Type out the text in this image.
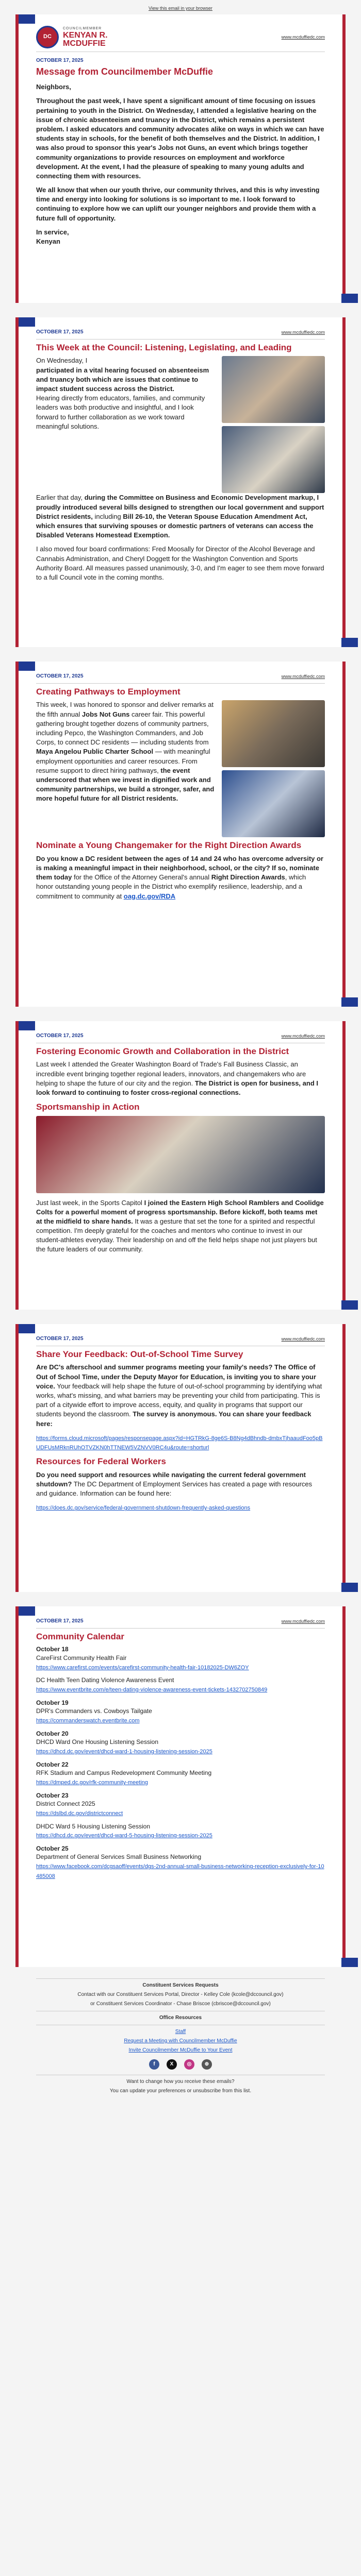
View this email in your browser
DC
COUNCILMEMBER
KENYAN R.
MCDUFFIE
www.mcduffiedc.com
OCTOBER 17, 2025
Message from Councilmember McDuffie

Neighbors,

Throughout the past week, I have spent a significant amount of time focusing on issues pertaining to youth in the District. On Wednesday, I attended a legislative hearing on the issue of chronic absenteeism and truancy in the District, which remains a persistent problem. I asked educators and community advocates alike on ways in which we can have students stay in schools, for the benefit of both themselves and the District. In addition, I was also proud to sponsor this year's Jobs not Guns, an event which brings together community organizations to provide resources on employment and workforce development. At the event, I had the pleasure of speaking to many young adults and connecting them with resources.

We all know that when our youth thrive, our community thrives, and this is why investing time and energy into looking for solutions is so important to me. I look forward to continuing to explore how we can uplift our younger neighbors and provide them with a future full of opportunity.

In service,

Kenyan

OCTOBER 17, 2025	www.mcduffiedc.com
This Week at the Council: Listening, Legislating, and Leading

On Wednesday, I

participated in a vital hearing focused on absenteeism and truancy both which are issues that continue to impact student success across the District.

Hearing directly from educators, families, and community leaders was both productive and insightful, and I look forward to further collaboration as we work toward meaningful solutions.

Earlier that day, during the Committee on Business and Economic Development markup, I proudly introduced several bills designed to strengthen our local government and support District residents, including Bill 26-10, the Veteran Spouse Education Amendment Act, which ensures that surviving spouses or domestic partners of veterans can access the Disabled Veterans Homestead Exemption.

I also moved four board confirmations: Fred Moosally for Director of the Alcohol Beverage and Cannabis Administration, and Cheryl Doggett for the Washington Convention and Sports Authority Board. All measures passed unanimously, 3-0, and I'm eager to see them move forward to a full Council vote in the coming months.

OCTOBER 17, 2025	www.mcduffiedc.com
Creating Pathways to Employment

This week, I was honored to sponsor and deliver remarks at the fifth annual Jobs Not Guns career fair. This powerful gathering brought together dozens of community partners, including Pepco, the Washington Commanders, and Job Corps, to connect DC residents — including students from Maya Angelou Public Charter School — with meaningful employment opportunities and career resources. From resume support to direct hiring pathways, the event underscored that when we invest in dignified work and community partnerships, we build a stronger, safer, and more hopeful future for all District residents.

Nominate a Young Changemaker for the Right Direction Awards

Do you know a DC resident between the ages of 14 and 24 who has overcome adversity or is making a meaningful impact in their neighborhood, school, or the city? If so, nominate them today for the Office of the Attorney General's annual Right Direction Awards, which honor outstanding young people in the District who exemplify resilience, leadership, and a commitment to community at oag.dc.gov/RDA

OCTOBER 17, 2025	www.mcduffiedc.com
Fostering Economic Growth and Collaboration in the District

Last week I attended the Greater Washington Board of Trade's Fall Business Classic, an incredible event bringing together regional leaders, innovators, and changemakers who are helping to shape the future of our city and the region. The District is open for business, and I look forward to continuing to foster cross-regional connections.

Sportsmanship in Action

Just last week, in the Sports Capitol I joined the Eastern High School Ramblers and Coolidge Colts for a powerful moment of progress sportsmanship. Before kickoff, both teams met at the midfield to share hands. It was a gesture that set the tone for a spirited and respectful competition. I'm deeply grateful for the coaches and mentors who continue to invest in our student-athletes everyday. Their leadership on and off the field helps shape not just players but the future leaders of our community.

OCTOBER 17, 2025	www.mcduffiedc.com
Share Your Feedback: Out-of-School Time Survey

Are DC's afterschool and summer programs meeting your family's needs? The Office of Out of School Time, under the Deputy Mayor for Education, is inviting you to share your voice. Your feedback will help shape the future of out-of-school programming by identifying what works, what's missing, and what barriers may be preventing your child from participating. This is part of a citywide effort to improve access, equity, and quality in programs that support our students beyond the classroom. The survey is anonymous. You can share your feedback here:

https://forms.cloud.microsoft/pages/responsepage.aspx?id=HGTRkG-8ge6S-B8Ng4dBhndb-dmbxTjhaaudFoo5pBUDFUsMRknRUhOTVZKN0hTTNEW5VZNVV0RC4u&route=shorturl

Resources for Federal Workers

Do you need support and resources while navigating the current federal government shutdown? The DC Department of Employment Services has created a page with resources and guidance. Information can be found here:

https://does.dc.gov/service/federal-government-shutdown-frequently-asked-questions

OCTOBER 17, 2025	www.mcduffiedc.com
Community Calendar
October 18
CareFirst Community Health Fair
https://www.carefirst.com/events/carefirst-community-health-fair-10182025-DW6ZOY
DC Health Teen Dating Violence Awareness Event
https://www.eventbrite.com/e/teen-dating-violence-awareness-event-tickets-1432702750849
October 19
DPR's Commanders vs. Cowboys Tailgate
https://commanderswatch.eventbrite.com
October 20
DHCD Ward One Housing Listening Session
https://dhcd.dc.gov/event/dhcd-ward-1-housing-listening-session-2025
October 22
RFK Stadium and Campus Redevelopment Community Meeting
https://dmped.dc.gov/rfk-community-meeting
October 23
District Connect 2025
https://dslbd.dc.gov/districtconnect
DHDC Ward 5 Housing Listening Session
https://dhcd.dc.gov/event/dhcd-ward-5-housing-listening-session-2025
October 25
Department of General Services Small Business Networking
https://www.facebook.com/dcgsaoff/events/dgs-2nd-annual-small-business-networking-reception-exclusively-for-10485008

Constituent Services Requests

Contact with our Constituent Services Portal, Director - Kelley Cole (kcole@dccouncil.gov)

or Constituent Services Coordinator - Chase Briscoe (cbriscoe@dccouncil.gov)

Office Resources

Staff

Request a Meeting with Councilmember McDuffie

Invite Councilmember McDuffie to Your Event

f	X	◎	⊕

Want to change how you receive these emails?

You can update your preferences or unsubscribe from this list.
